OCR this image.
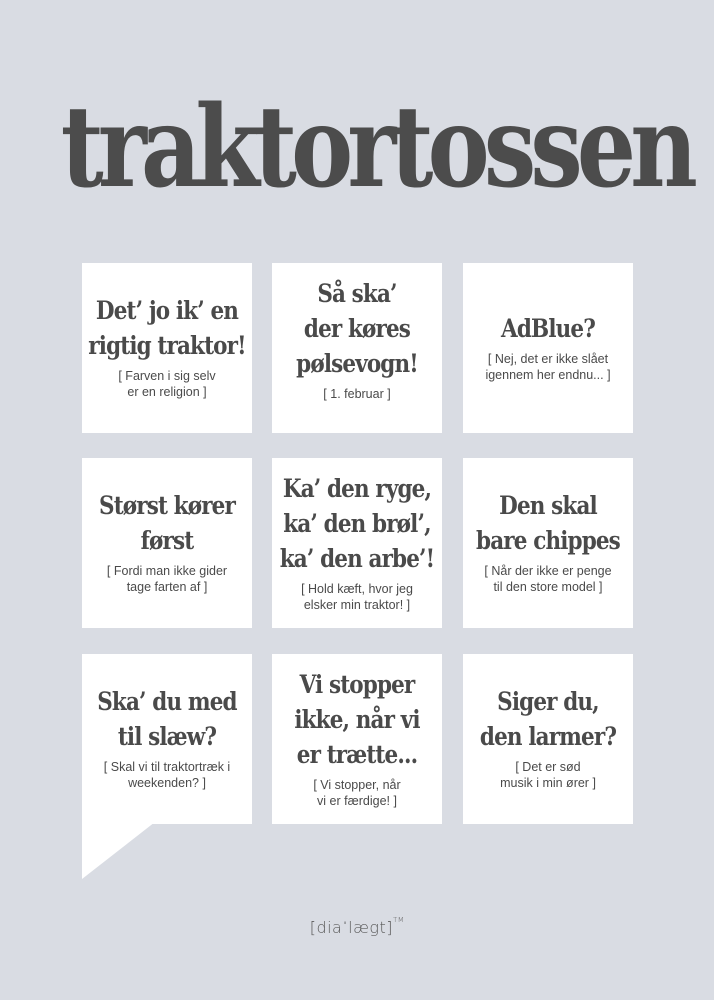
traktortossen
Det’ jo ik’ en
rigtig traktor!
[ Farven i sig selv
er en religion ]
Så ska’
der køres
pølsevogn!
[ 1. februar ]
AdBlue?
[ Nej, det er ikke slået
igennem her endnu... ]
Størst kører
først
[ Fordi man ikke gider
tage farten af ]
Ka’ den ryge,
ka’ den brøl’,
ka’ den arbe’!
[ Hold kæft, hvor jeg
elsker min traktor! ]
Den skal
bare chippes
[ Når der ikke er penge
til den store model ]
Ska’ du med
til slæw?
[ Skal vi til traktortræk i
weekenden? ]
Vi stopper
ikke, når vi
er trætte...
[ Vi stopper, når
vi er færdige! ]
Siger du,
den larmer?
[ Det er sød
musik i min ører ]
[diaˈlægt]™
